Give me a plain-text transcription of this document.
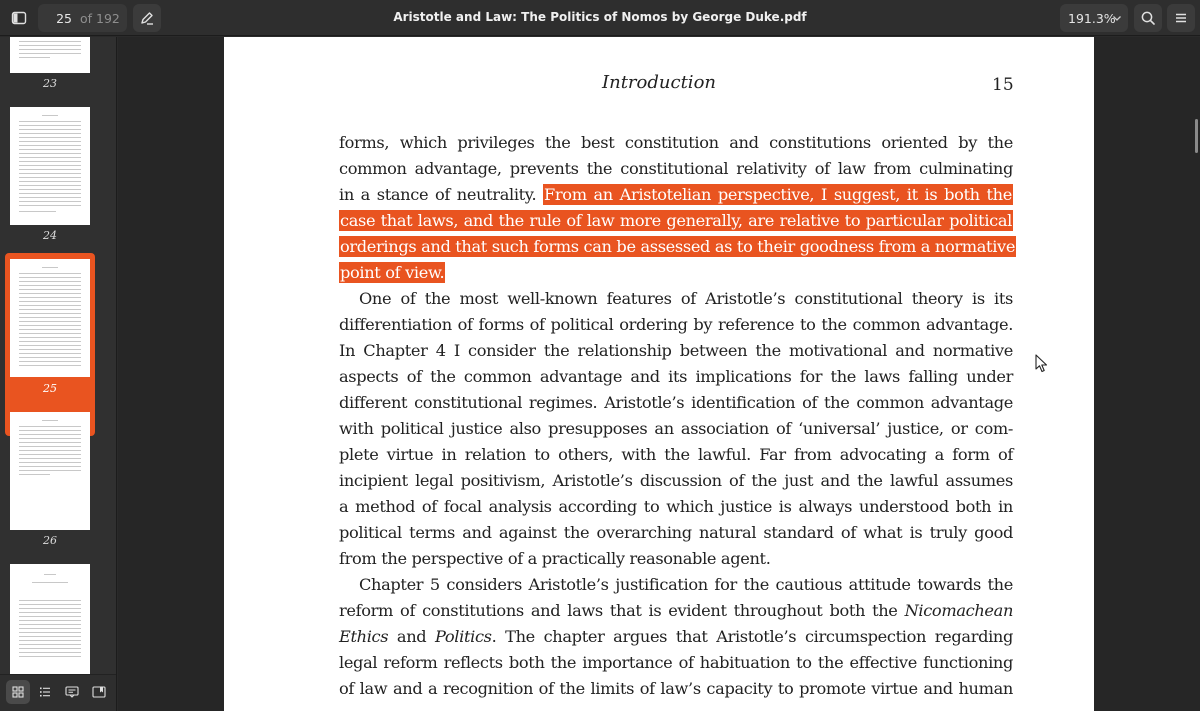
25 of 192	Aristotle and Law: The Politics of Nomos by George Duke.pdf	191.3%
23
24
25
26
Introduction	15
forms, which privileges the best constitution and constitutions oriented by the
common advantage, prevents the constitutional relativity of law from culminating
in a stance of neutrality. From an Aristotelian perspective, I suggest, it is both the
case that laws, and the rule of law more generally, are relative to particular political
orderings and that such forms can be assessed as to their goodness from a normative
point of view.
One of the most well-known features of Aristotle’s constitutional theory is its
differentiation of forms of political ordering by reference to the common advantage.
In Chapter 4 I consider the relationship between the motivational and normative
aspects of the common advantage and its implications for the laws falling under
different constitutional regimes. Aristotle’s identification of the common advantage
with political justice also presupposes an association of ‘universal’ justice, or com-
plete virtue in relation to others, with the lawful. Far from advocating a form of
incipient legal positivism, Aristotle’s discussion of the just and the lawful assumes
a method of focal analysis according to which justice is always understood both in
political terms and against the overarching natural standard of what is truly good
from the perspective of a practically reasonable agent.
Chapter 5 considers Aristotle’s justification for the cautious attitude towards the
reform of constitutions and laws that is evident throughout both the Nicomachean
Ethics and Politics. The chapter argues that Aristotle’s circumspection regarding
legal reform reflects both the importance of habituation to the effective functioning
of law and a recognition of the limits of law’s capacity to promote virtue and human
